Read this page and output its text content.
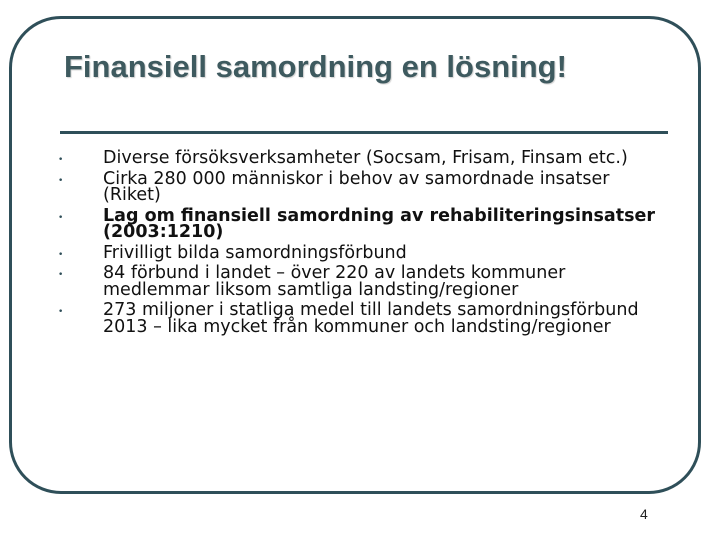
Finansiell samordning en lösning!
• Diverse försöksverksamheter (Socsam, Frisam, Finsam etc.)
• Cirka 280 000 människor i behov av samordnade insatser (Riket)
• Lag om finansiell samordning av rehabiliteringsinsatser (2003:1210)
• Frivilligt bilda samordningsförbund
• 84 förbund i landet – över 220 av landets kommuner medlemmar liksom samtliga landsting/regioner
• 273 miljoner i statliga medel till landets samordningsförbund 2013 – lika mycket från kommuner och landsting/regioner
4
